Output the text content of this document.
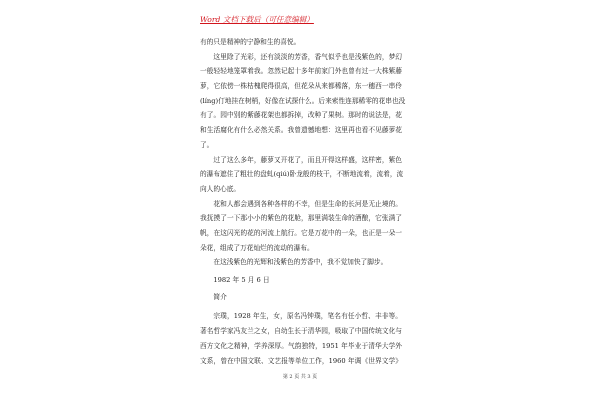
Word 文档下载后（可任意编辑）
有的只是精神的宁静和生的喜悦。
这里除了光彩，还有淡淡的芳香，香气似乎也是浅紫色的，梦幻
一般轻轻地笼罩着我。忽然记起十多年前家门外也曾有过一大株紫藤
萝，它依傍一株枯槐爬得很高，但花朵从来都稀落，东一穗西一串伶
(líng)仃地挂在树梢，好像在试探什么。后来索性连那稀零的花串也没
有了。园中别的紫藤花架也都拆掉，改种了果树。那时的说法是，花
和生活腐化有什么必然关系。我曾遗憾地想：这里再也看不见藤萝花
了。
过了这么多年，藤萝又开花了，而且开得这样盛，这样密，紫色
的瀑布遮住了粗壮的盘虬(qiú)卧龙般的枝干，不断地流着，流着，流
向人的心底。
花和人都会遇到各种各样的不幸，但是生命的长河是无止境的。
我抚摸了一下那小小的紫色的花舱，那里满装生命的酒酿，它张满了
帆，在这闪光的花的河流上航行。它是万花中的一朵，也正是一朵一
朵花，组成了万花灿烂的流动的瀑布。
在这浅紫色的光辉和浅紫色的芳香中，我不觉加快了脚步。
1982 年 5 月 6 日
简介
宗璞，1928 年生，女，原名冯钟璞，笔名有任小哲、丰非等。
著名哲学家冯友兰之女，自幼生长于清华园，吸取了中国传统文化与
西方文化之精神，学养深厚。气韵独特，1951 年毕业于清华大学外
文系，曾在中国文联、文艺报等单位工作，1960 年调《世界文学》
第 2 页 共 3 页
